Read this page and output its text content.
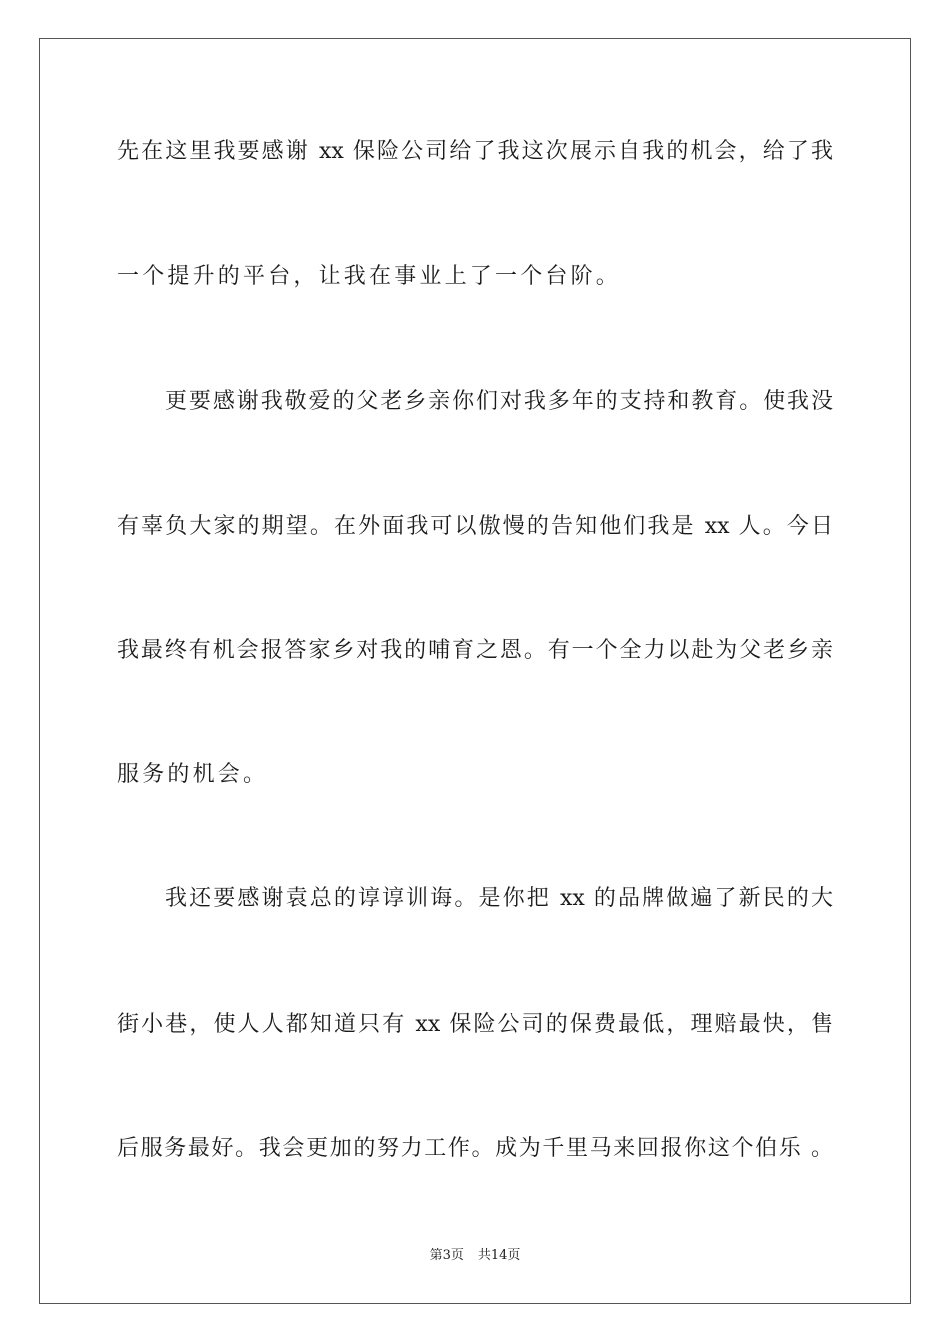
先在这里我要感谢 xx 保险公司给了我这次展示自我的机会，给了我
一个提升的平台，让我在事业上了一个台阶。
更要感谢我敬爱的父老乡亲你们对我多年的支持和教育。使我没
有辜负大家的期望。在外面我可以傲慢的告知他们我是 xx 人。今日
我最终有机会报答家乡对我的哺育之恩。有一个全力以赴为父老乡亲
服务的机会。
我还要感谢袁总的谆谆训诲。是你把 xx 的品牌做遍了新民的大
街小巷，使人人都知道只有 xx 保险公司的保费最低，理赔最快，售
后服务最好。我会更加的努力工作。成为千里马来回报你这个伯乐 。
第3页 共14页
